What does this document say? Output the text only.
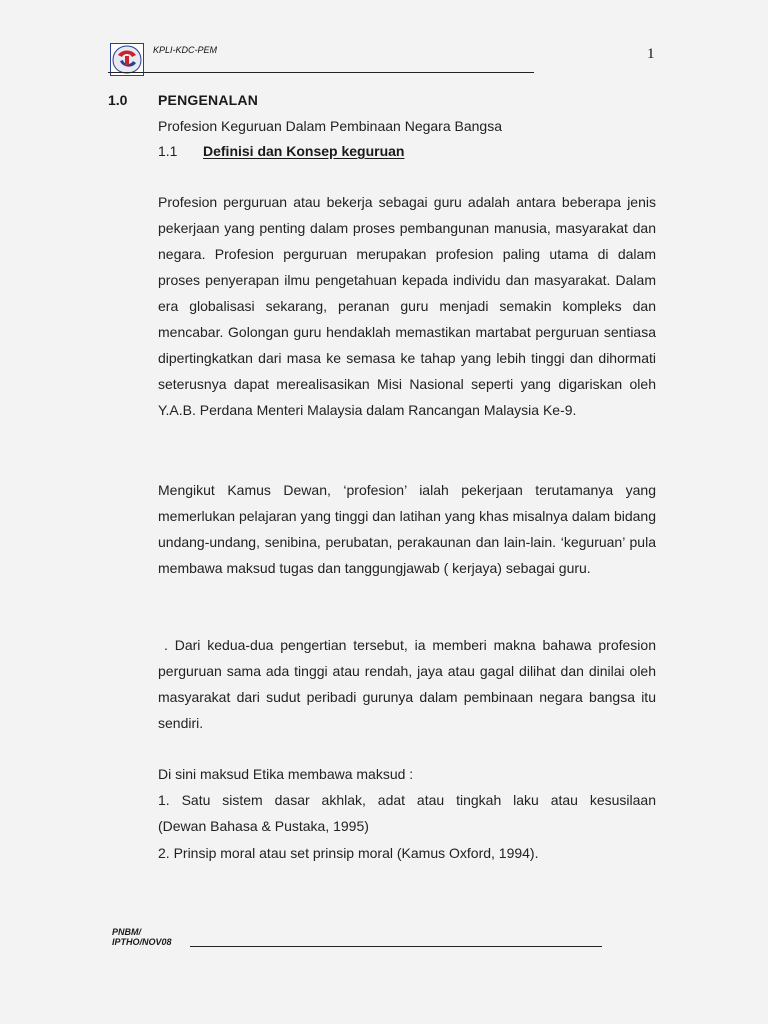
KPLI-KDC-PEM	1
1.0 PENGENALAN
Profesion Keguruan Dalam Pembinaan Negara Bangsa
1.1 Definisi dan Konsep keguruan

Profesion perguruan atau bekerja sebagai guru adalah antara beberapa jenis pekerjaan yang penting dalam proses pembangunan manusia, masyarakat dan negara. Profesion perguruan merupakan profesion paling utama di dalam proses penyerapan ilmu pengetahuan kepada individu dan masyarakat. Dalam era globalisasi sekarang, peranan guru menjadi semakin kompleks dan mencabar. Golongan guru hendaklah memastikan martabat perguruan sentiasa dipertingkatkan dari masa ke semasa ke tahap yang lebih tinggi dan dihormati seterusnya dapat merealisasikan Misi Nasional seperti yang digariskan oleh Y.A.B. Perdana Menteri Malaysia dalam Rancangan Malaysia Ke-9.

Mengikut Kamus Dewan, ‘profesion’ ialah pekerjaan terutamanya yang memerlukan pelajaran yang tinggi dan latihan yang khas misalnya dalam bidang undang-undang, senibina, perubatan, perakaunan dan lain-lain. ‘keguruan’ pula membawa maksud tugas dan tanggungjawab ( kerjaya) sebagai guru.

. Dari kedua-dua pengertian tersebut, ia memberi makna bahawa profesion perguruan sama ada tinggi atau rendah, jaya atau gagal dilihat dan dinilai oleh masyarakat dari sudut peribadi gurunya dalam pembinaan negara bangsa itu sendiri.

Di sini maksud Etika membawa maksud :
1. Satu sistem dasar akhlak, adat atau tingkah laku atau kesusilaan
(Dewan Bahasa & Pustaka, 1995)
2. Prinsip moral atau set prinsip moral (Kamus Oxford, 1994).
PNBM/
IPTHO/NOV08
